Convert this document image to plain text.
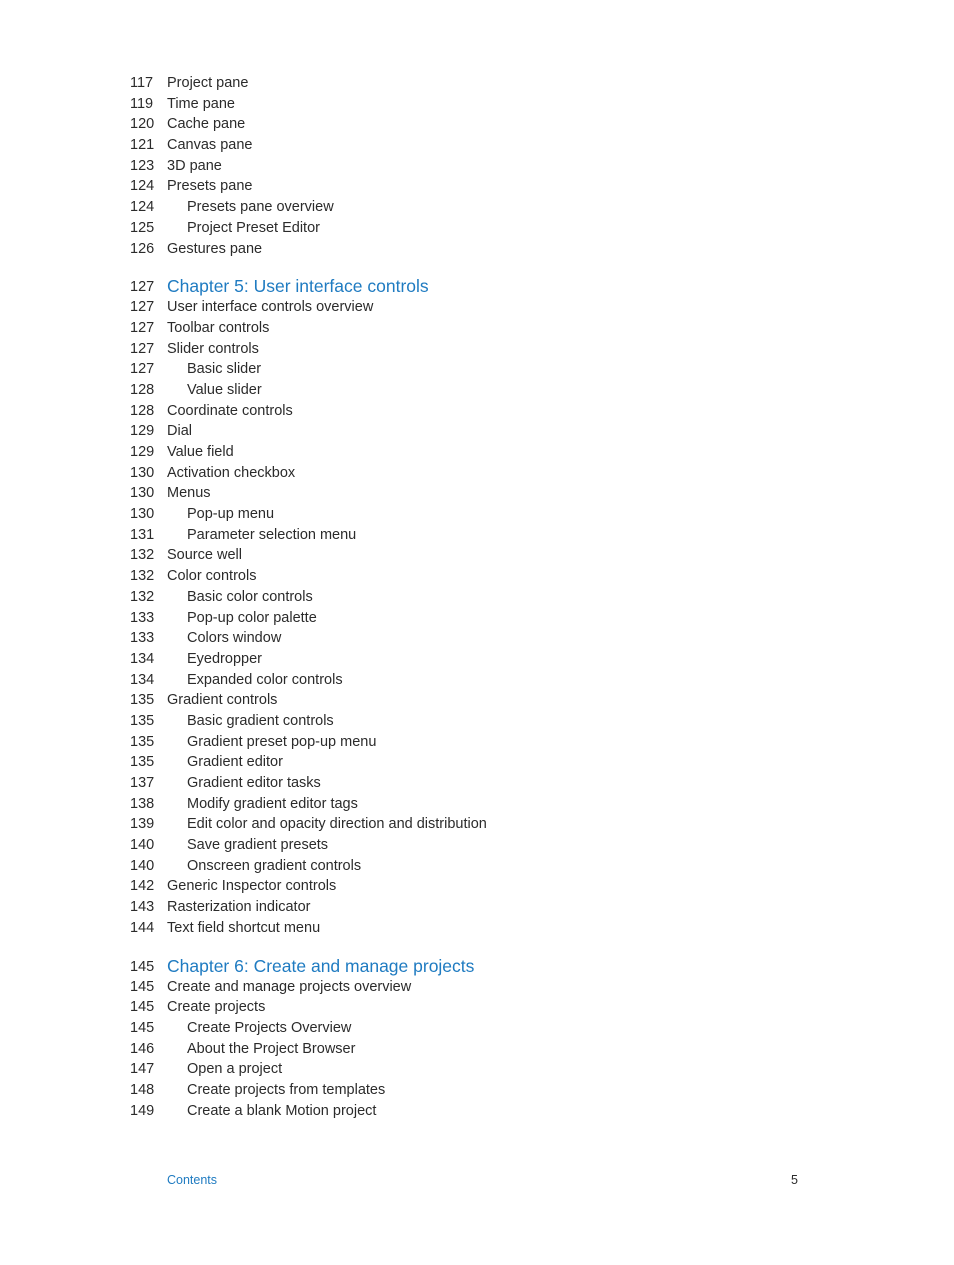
117 Project pane
119 Time pane
120 Cache pane
121 Canvas pane
123 3D pane
124 Presets pane
124	Presets pane overview
125	Project Preset Editor
126 Gestures pane
127 Chapter 5: User interface controls
127 User interface controls overview
127 Toolbar controls
127 Slider controls
127	Basic slider
128	Value slider
128 Coordinate controls
129 Dial
129 Value field
130 Activation checkbox
130 Menus
130	Pop-up menu
131	Parameter selection menu
132 Source well
132 Color controls
132	Basic color controls
133	Pop-up color palette
133	Colors window
134	Eyedropper
134	Expanded color controls
135 Gradient controls
135	Basic gradient controls
135	Gradient preset pop-up menu
135	Gradient editor
137	Gradient editor tasks
138	Modify gradient editor tags
139	Edit color and opacity direction and distribution
140	Save gradient presets
140	Onscreen gradient controls
142 Generic Inspector controls
143 Rasterization indicator
144 Text field shortcut menu
145 Chapter 6: Create and manage projects
145 Create and manage projects overview
145 Create projects
145	Create Projects Overview
146	About the Project Browser
147	Open a project
148	Create projects from templates
149	Create a blank Motion project
Contents	5
